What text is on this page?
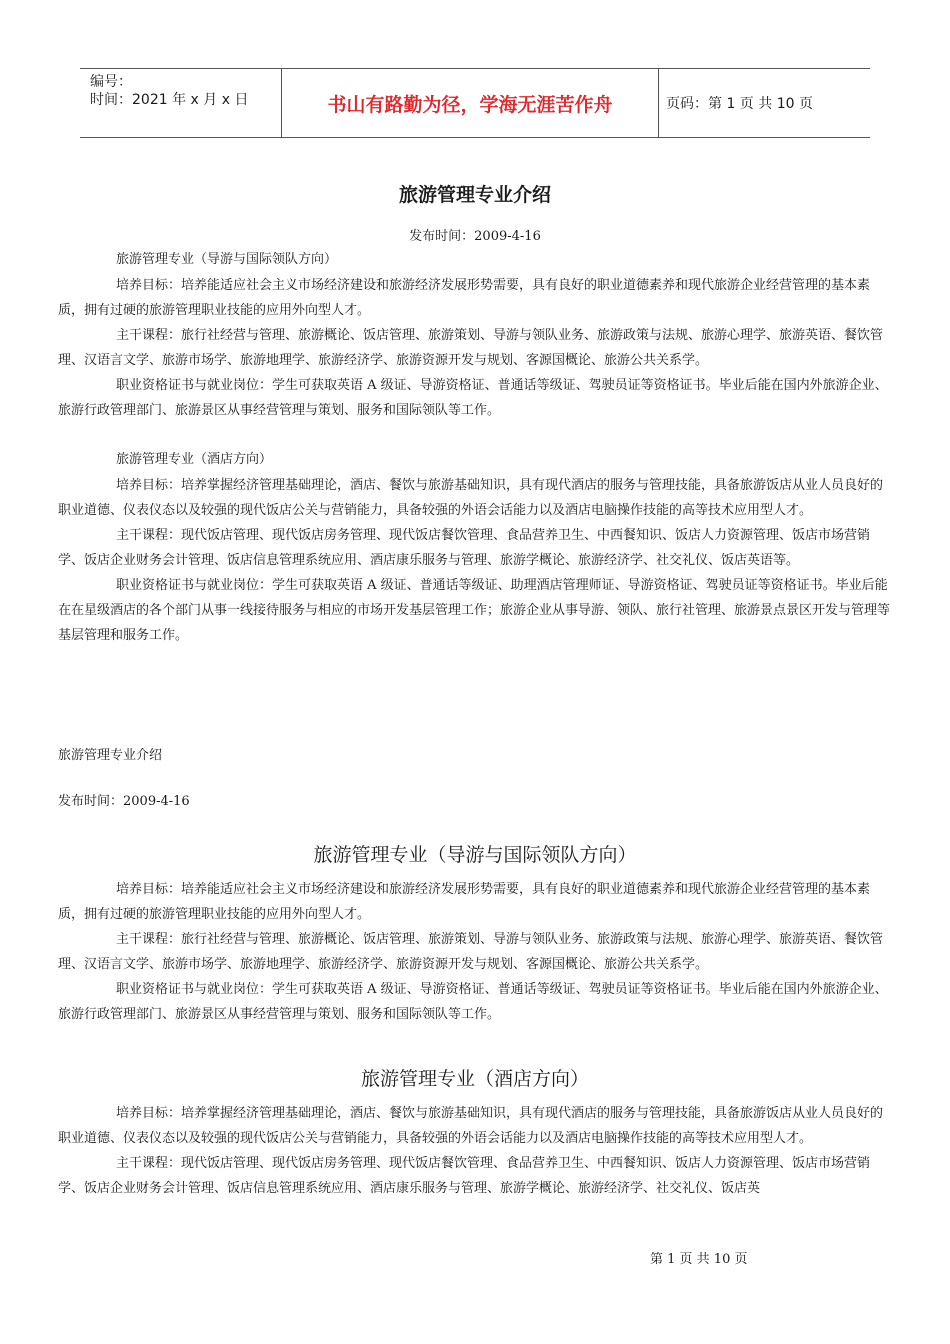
编号：
时间：2021 年 x 月 x 日	书山有路勤为径，学海无涯苦作舟	页码：第 1 页 共 10 页
旅游管理专业介绍
发布时间：2009-4-16
旅游管理专业（导游与国际领队方向）

培养目标：培养能适应社会主义市场经济建设和旅游经济发展形势需要，具有良好的职业道德素养和现代旅游企业经营管理的基本素质，拥有过硬的旅游管理职业技能的应用外向型人才。

主干课程：旅行社经营与管理、旅游概论、饭店管理、旅游策划、导游与领队业务、旅游政策与法规、旅游心理学、旅游英语、餐饮管理、汉语言文学、旅游市场学、旅游地理学、旅游经济学、旅游资源开发与规划、客源国概论、旅游公共关系学。

职业资格证书与就业岗位：学生可获取英语 A 级证、导游资格证、普通话等级证、驾驶员证等资格证书。毕业后能在国内外旅游企业、旅游行政管理部门、旅游景区从事经营管理与策划、服务和国际领队等工作。

旅游管理专业（酒店方向）

培养目标：培养掌握经济管理基础理论，酒店、餐饮与旅游基础知识，具有现代酒店的服务与管理技能，具备旅游饭店从业人员良好的职业道德、仪表仪态以及较强的现代饭店公关与营销能力，具备较强的外语会话能力以及酒店电脑操作技能的高等技术应用型人才。

主干课程：现代饭店管理、现代饭店房务管理、现代饭店餐饮管理、食品营养卫生、中西餐知识、饭店人力资源管理、饭店市场营销学、饭店企业财务会计管理、饭店信息管理系统应用、酒店康乐服务与管理、旅游学概论、旅游经济学、社交礼仪、饭店英语等。

职业资格证书与就业岗位：学生可获取英语 A 级证、普通话等级证、助理酒店管理师证、导游资格证、驾驶员证等资格证书。毕业后能在在星级酒店的各个部门从事一线接待服务与相应的市场开发基层管理工作；旅游企业从事导游、领队、旅行社管理、旅游景点景区开发与管理等基层管理和服务工作。

旅游管理专业介绍
发布时间：2009-4-16
旅游管理专业（导游与国际领队方向）

培养目标：培养能适应社会主义市场经济建设和旅游经济发展形势需要，具有良好的职业道德素养和现代旅游企业经营管理的基本素质，拥有过硬的旅游管理职业技能的应用外向型人才。

主干课程：旅行社经营与管理、旅游概论、饭店管理、旅游策划、导游与领队业务、旅游政策与法规、旅游心理学、旅游英语、餐饮管理、汉语言文学、旅游市场学、旅游地理学、旅游经济学、旅游资源开发与规划、客源国概论、旅游公共关系学。

职业资格证书与就业岗位：学生可获取英语 A 级证、导游资格证、普通话等级证、驾驶员证等资格证书。毕业后能在国内外旅游企业、旅游行政管理部门、旅游景区从事经营管理与策划、服务和国际领队等工作。

旅游管理专业（酒店方向）

培养目标：培养掌握经济管理基础理论，酒店、餐饮与旅游基础知识，具有现代酒店的服务与管理技能，具备旅游饭店从业人员良好的职业道德、仪表仪态以及较强的现代饭店公关与营销能力，具备较强的外语会话能力以及酒店电脑操作技能的高等技术应用型人才。

主干课程：现代饭店管理、现代饭店房务管理、现代饭店餐饮管理、食品营养卫生、中西餐知识、饭店人力资源管理、饭店市场营销学、饭店企业财务会计管理、饭店信息管理系统应用、酒店康乐服务与管理、旅游学概论、旅游经济学、社交礼仪、饭店英

第 1 页 共 10 页
